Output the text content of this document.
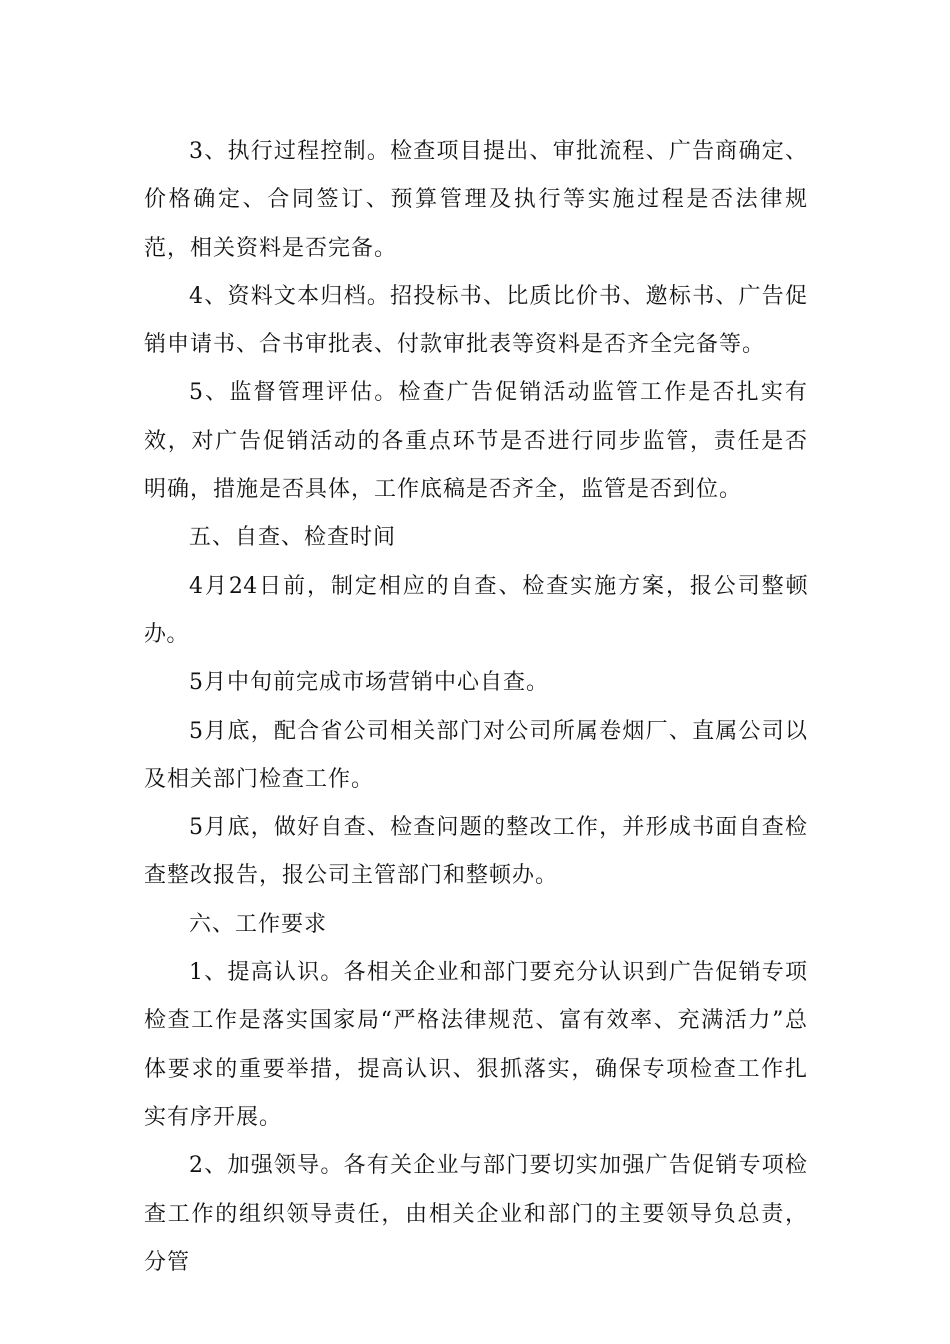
3、执行过程控制。检查项目提出、审批流程、广告商确定、价格确定、合同签订、预算管理及执行等实施过程是否法律规范，相关资料是否完备。

4、资料文本归档。招投标书、比质比价书、邀标书、广告促销申请书、合书审批表、付款审批表等资料是否齐全完备等。

5、监督管理评估。检查广告促销活动监管工作是否扎实有效，对广告促销活动的各重点环节是否进行同步监管，责任是否明确，措施是否具体，工作底稿是否齐全，监管是否到位。

五、自查、检查时间

4月24日前，制定相应的自查、检查实施方案，报公司整顿办。

5月中旬前完成市场营销中心自查。

5月底，配合省公司相关部门对公司所属卷烟厂、直属公司以及相关部门检查工作。

5月底，做好自查、检查问题的整改工作，并形成书面自查检查整改报告，报公司主管部门和整顿办。

六、工作要求

1、提高认识。各相关企业和部门要充分认识到广告促销专项检查工作是落实国家局“严格法律规范、富有效率、充满活力”总体要求的重要举措，提高认识、狠抓落实，确保专项检查工作扎实有序开展。

2、加强领导。各有关企业与部门要切实加强广告促销专项检查工作的组织领导责任，由相关企业和部门的主要领导负总责，分管
